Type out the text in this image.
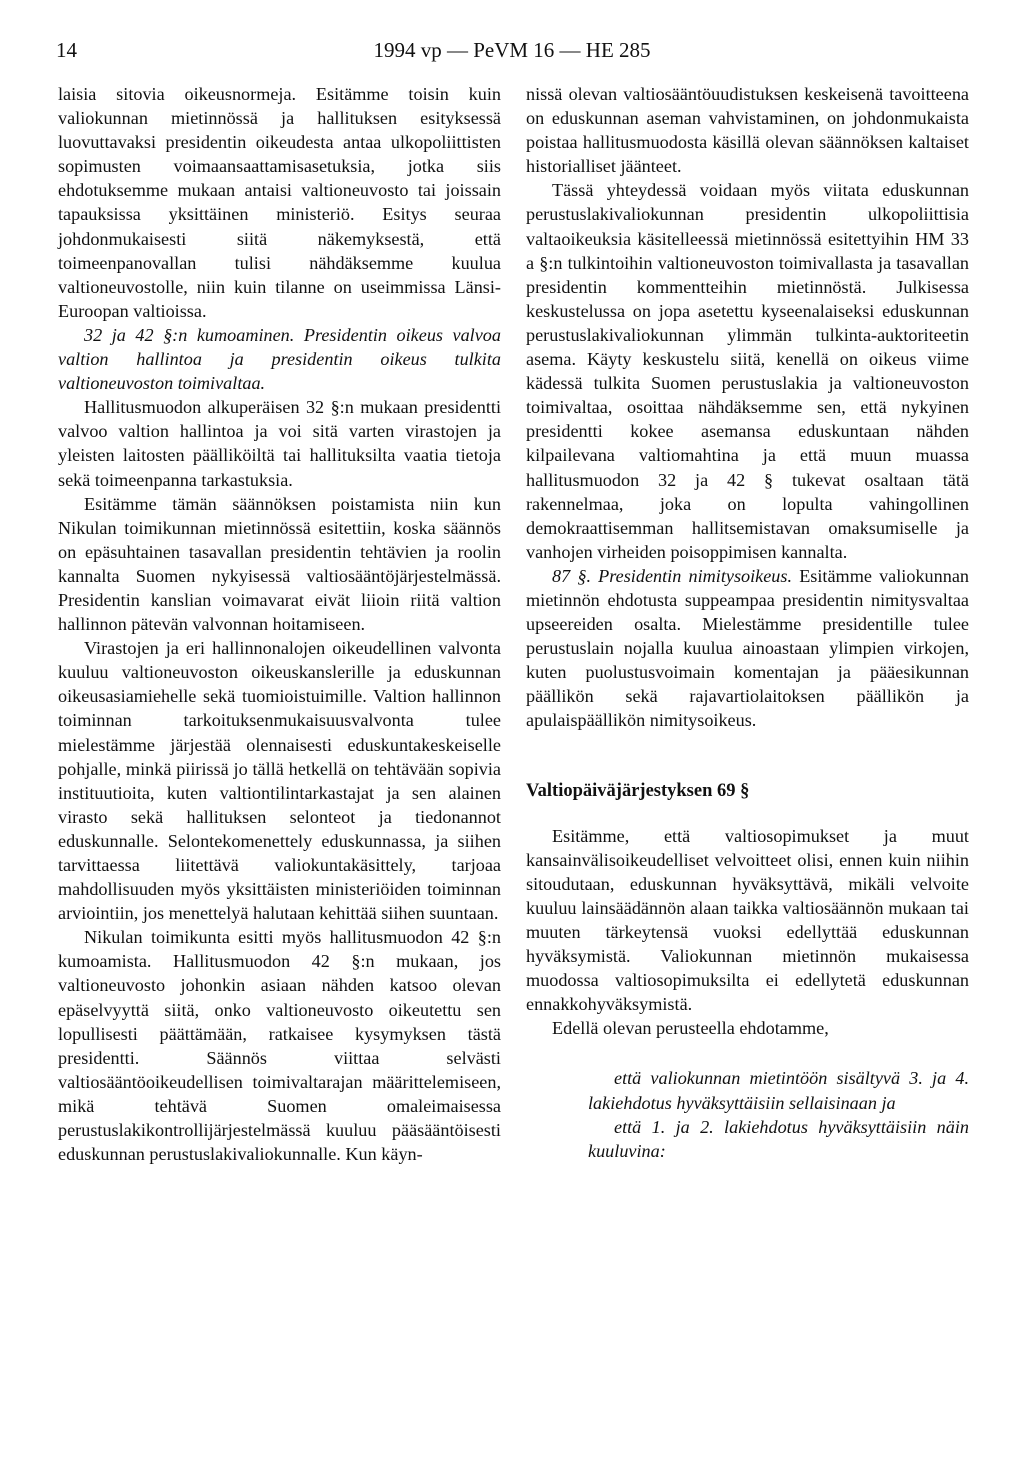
14	1994 vp — PeVM 16 — HE 285

laisia sitovia oikeusnormeja. Esitämme toisin kuin valiokunnan mietinnössä ja hallituksen esityksessä luovuttavaksi presidentin oikeudesta antaa ulkopoliittisten sopimusten voimaansaattamisasetuksia, jotka siis ehdotuksemme mukaan antaisi valtioneuvosto tai joissain tapauksissa yksittäinen ministeriö. Esitys seuraa johdonmukaisesti siitä näkemyksestä, että toimeenpanovallan tulisi nähdäksemme kuulua valtioneuvostolle, niin kuin tilanne on useimmissa Länsi-Euroopan valtioissa.

32 ja 42 §:n kumoaminen. Presidentin oikeus valvoa valtion hallintoa ja presidentin oikeus tulkita valtioneuvoston toimivaltaa.

Hallitusmuodon alkuperäisen 32 §:n mukaan presidentti valvoo valtion hallintoa ja voi sitä varten virastojen ja yleisten laitosten päälliköiltä tai hallituksilta vaatia tietoja sekä toimeenpanna tarkastuksia.

Esitämme tämän säännöksen poistamista niin kun Nikulan toimikunnan mietinnössä esitettiin, koska säännös on epäsuhtainen tasavallan presidentin tehtävien ja roolin kannalta Suomen nykyisessä valtiosääntöjärjestelmässä. Presidentin kanslian voimavarat eivät liioin riitä valtion hallinnon pätevän valvonnan hoitamiseen.

Virastojen ja eri hallinnonalojen oikeudellinen valvonta kuuluu valtioneuvoston oikeuskanslerille ja eduskunnan oikeusasiamiehelle sekä tuomioistuimille. Valtion hallinnon toiminnan tarkoituksenmukaisuusvalvonta tulee mielestämme järjestää olennaisesti eduskuntakeskeiselle pohjalle, minkä piirissä jo tällä hetkellä on tehtävään sopivia instituutioita, kuten valtiontilintarkastajat ja sen alainen virasto sekä hallituksen selonteot ja tiedonannot eduskunnalle. Selontekomenettely eduskunnassa, ja siihen tarvittaessa liitettävä valiokuntakäsittely, tarjoaa mahdollisuuden myös yksittäisten ministeriöiden toiminnan arviointiin, jos menettelyä halutaan kehittää siihen suuntaan.

Nikulan toimikunta esitti myös hallitusmuodon 42 §:n kumoamista. Hallitusmuodon 42 §:n mukaan, jos valtioneuvosto johonkin asiaan nähden katsoo olevan epäselvyyttä siitä, onko valtioneuvosto oikeutettu sen lopullisesti päättämään, ratkaisee kysymyksen tästä presidentti. Säännös viittaa selvästi valtiosääntöoikeudellisen toimivaltarajan määrittelemiseen, mikä tehtävä Suomen omaleimaisessa perustuslakikontrollijärjestelmässä kuuluu pääsääntöisesti eduskunnan perustuslakivaliokunnalle. Kun käyn-

nissä olevan valtiosääntöuudistuksen keskeisenä tavoitteena on eduskunnan aseman vahvistaminen, on johdonmukaista poistaa hallitusmuodosta käsillä olevan säännöksen kaltaiset historialliset jäänteet.

Tässä yhteydessä voidaan myös viitata eduskunnan perustuslakivaliokunnan presidentin ulkopoliittisia valtaoikeuksia käsitelleessä mietinnössä esitettyihin HM 33 a §:n tulkintoihin valtioneuvoston toimivallasta ja tasavallan presidentin kommentteihin mietinnöstä. Julkisessa keskustelussa on jopa asetettu kyseenalaiseksi eduskunnan perustuslakivaliokunnan ylimmän tulkinta-auktoriteetin asema. Käyty keskustelu siitä, kenellä on oikeus viime kädessä tulkita Suomen perustuslakia ja valtioneuvoston toimivaltaa, osoittaa nähdäksemme sen, että nykyinen presidentti kokee asemansa eduskuntaan nähden kilpailevana valtiomahtina ja että muun muassa hallitusmuodon 32 ja 42 § tukevat osaltaan tätä rakennelmaa, joka on lopulta vahingollinen demokraattisemman hallitsemistavan omaksumiselle ja vanhojen virheiden poisoppimisen kannalta.

87 §. Presidentin nimitysoikeus. Esitämme valiokunnan mietinnön ehdotusta suppeampaa presidentin nimitysvaltaa upseereiden osalta. Mielestämme presidentille tulee perustuslain nojalla kuulua ainoastaan ylimpien virkojen, kuten puolustusvoimain komentajan ja pääesikunnan päällikön sekä rajavartiolaitoksen päällikön ja apulaispäällikön nimitysoikeus.

Valtiopäiväjärjestyksen 69 §

Esitämme, että valtiosopimukset ja muut kansainvälisoikeudelliset velvoitteet olisi, ennen kuin niihin sitoudutaan, eduskunnan hyväksyttävä, mikäli velvoite kuuluu lainsäädännön alaan taikka valtiosäännön mukaan tai muuten tärkeytensä vuoksi edellyttää eduskunnan hyväksymistä. Valiokunnan mietinnön mukaisessa muodossa valtiosopimuksilta ei edellytetä eduskunnan ennakkohyväksymistä.

Edellä olevan perusteella ehdotamme,

että valiokunnan mietintöön sisältyvä 3. ja 4. lakiehdotus hyväksyttäisiin sellaisinaan ja

että 1. ja 2. lakiehdotus hyväksyttäisiin näin kuuluvina:
